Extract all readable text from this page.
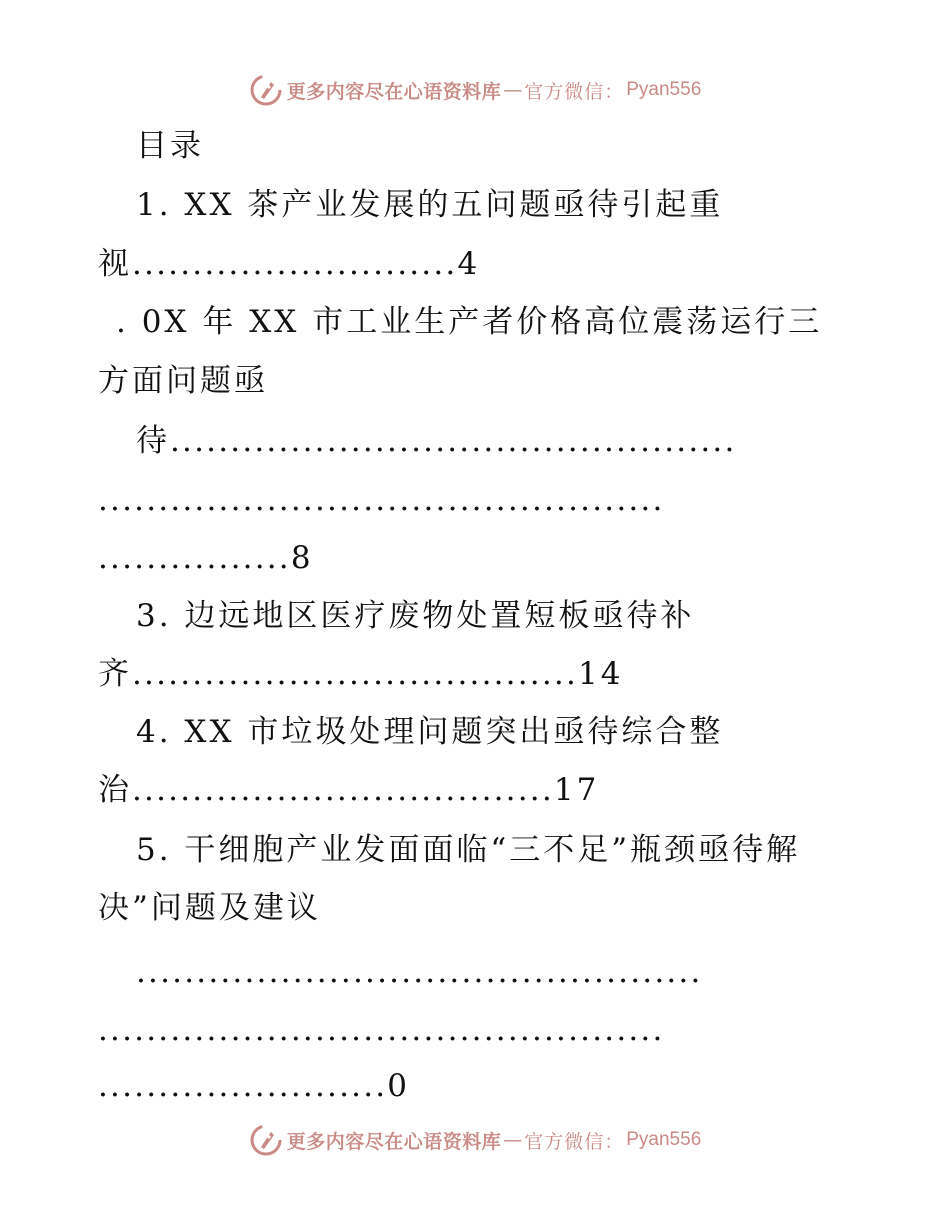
更多内容尽在心语资料库 — 官方微信： Pyan556
目录
1. XX 茶产业发展的五问题亟待引起重
视...........................4
. 0X 年 XX 市工业生产者价格高位震荡运行三
方面问题亟
待...............................................
...............................................
................8
3. 边远地区医疗废物处置短板亟待补
齐.....................................14
4. XX 市垃圾处理问题突出亟待综合整
治...................................17
5. 干细胞产业发面面临“三不足”瓶颈亟待解
决”问题及建议
...............................................
...............................................
........................0
更多内容尽在心语资料库 — 官方微信： Pyan556
